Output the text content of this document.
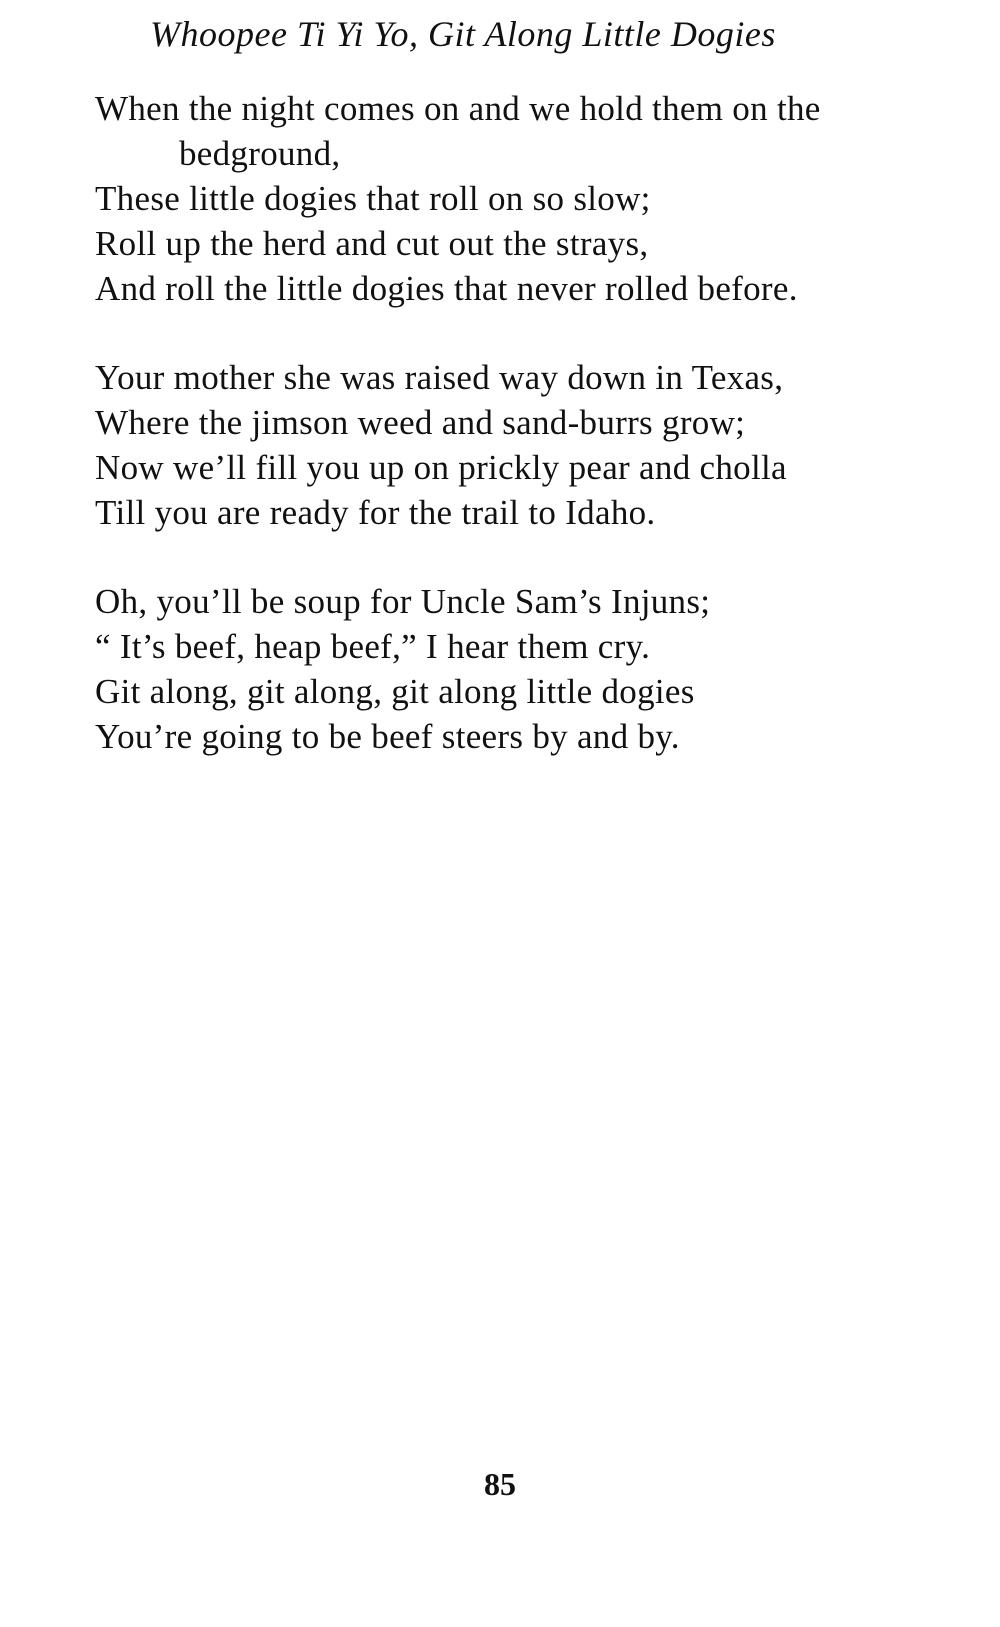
Whoopee Ti Yi Yo, Git Along Little Dogies
When the night comes on and we hold them on the
bedground,
These little dogies that roll on so slow;
Roll up the herd and cut out the strays,
And roll the little dogies that never rolled before.
Your mother she was raised way down in Texas,
Where the jimson weed and sand-burrs grow;
Now we’ll fill you up on prickly pear and cholla
Till you are ready for the trail to Idaho.
Oh, you’ll be soup for Uncle Sam’s Injuns;
“ It’s beef, heap beef,” I hear them cry.
Git along, git along, git along little dogies
You’re going to be beef steers by and by.
85
